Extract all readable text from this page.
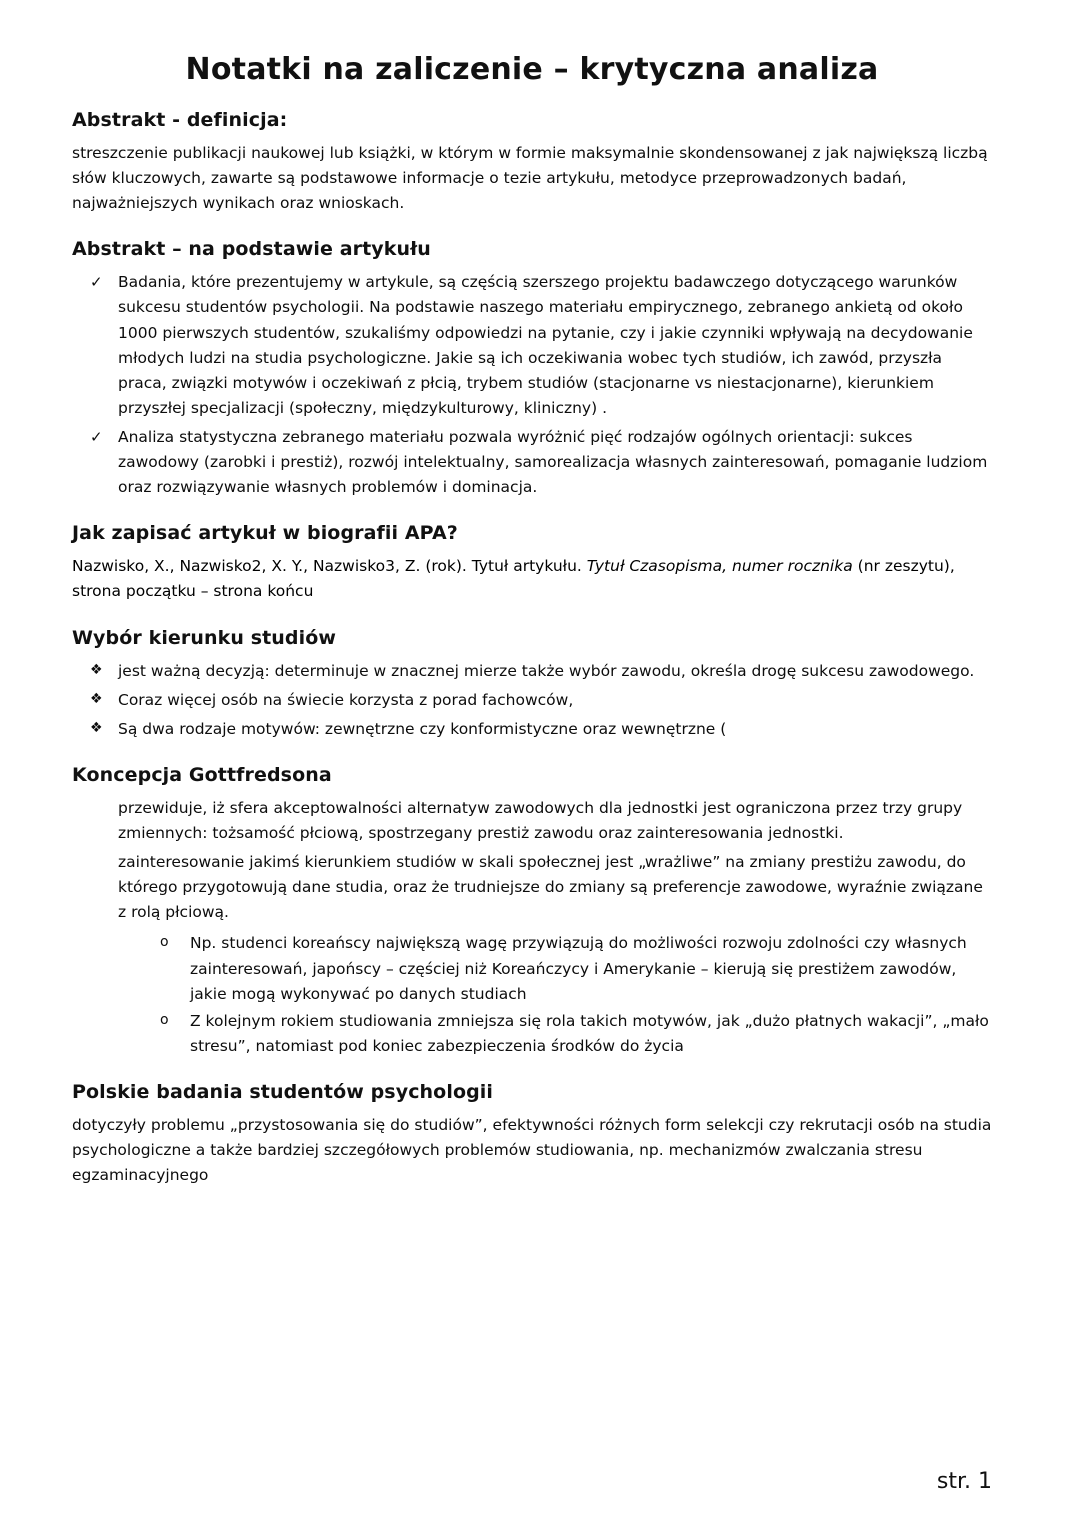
Notatki na zaliczenie – krytyczna analiza
Abstrakt - definicja:

streszczenie publikacji naukowej lub książki, w którym w formie maksymalnie skondensowanej z jak największą liczbą słów kluczowych, zawarte są podstawowe informacje o tezie artykułu, metodyce przeprowadzonych badań, najważniejszych wynikach oraz wnioskach.

Abstrakt – na podstawie artykułu
✓ Badania, które prezentujemy w artykule, są częścią szerszego projektu badawczego dotyczącego warunków sukcesu studentów psychologii. Na podstawie naszego materiału empirycznego, zebranego ankietą od około 1000 pierwszych studentów, szukaliśmy odpowiedzi na pytanie, czy i jakie czynniki wpływają na decydowanie młodych ludzi na studia psychologiczne. Jakie są ich oczekiwania wobec tych studiów, ich zawód, przyszła praca, związki motywów i oczekiwań z płcią, trybem studiów (stacjonarne vs niestacjonarne), kierunkiem przyszłej specjalizacji (społeczny, międzykulturowy, kliniczny) .
✓ Analiza statystyczna zebranego materiału pozwala wyróżnić pięć rodzajów ogólnych orientacji: sukces zawodowy (zarobki i prestiż), rozwój intelektualny, samorealizacja własnych zainteresowań, pomaganie ludziom oraz rozwiązywanie własnych problemów i dominacja.
Jak zapisać artykuł w biografii APA?

Nazwisko, X., Nazwisko2, X. Y., Nazwisko3, Z. (rok). Tytuł artykułu. Tytuł Czasopisma, numer rocznika (nr zeszytu), strona początku – strona końcu

Wybór kierunku studiów
❖ jest ważną decyzją: determinuje w znacznej mierze także wybór zawodu, określa drogę sukcesu zawodowego.
❖ Coraz więcej osób na świecie korzysta z porad fachowców,
❖ Są dwa rodzaje motywów: zewnętrzne czy konformistyczne oraz wewnętrzne (
Koncepcja Gottfredsona
przewiduje, iż sfera akceptowalności alternatyw zawodowych dla jednostki jest ograniczona przez trzy grupy zmiennych: tożsamość płciową, spostrzegany prestiż zawodu oraz zainteresowania jednostki.
zainteresowanie jakimś kierunkiem studiów w skali społecznej jest „wrażliwe” na zmiany prestiżu zawodu, do którego przygotowują dane studia, oraz że trudniejsze do zmiany są preferencje zawodowe, wyraźnie związane z rolą płciową.
o Np. studenci koreańscy największą wagę przywiązują do możliwości rozwoju zdolności czy własnych zainteresowań, japońscy – częściej niż Koreańczycy i Amerykanie – kierują się prestiżem zawodów, jakie mogą wykonywać po danych studiach
o Z kolejnym rokiem studiowania zmniejsza się rola takich motywów, jak „dużo płatnych wakacji”, „mało stresu”, natomiast pod koniec zabezpieczenia środków do życia
Polskie badania studentów psychologii

dotyczyły problemu „przystosowania się do studiów”, efektywności różnych form selekcji czy rekrutacji osób na studia psychologiczne a także bardziej szczegółowych problemów studiowania, np. mechanizmów zwalczania stresu egzaminacyjnego

str. 1
